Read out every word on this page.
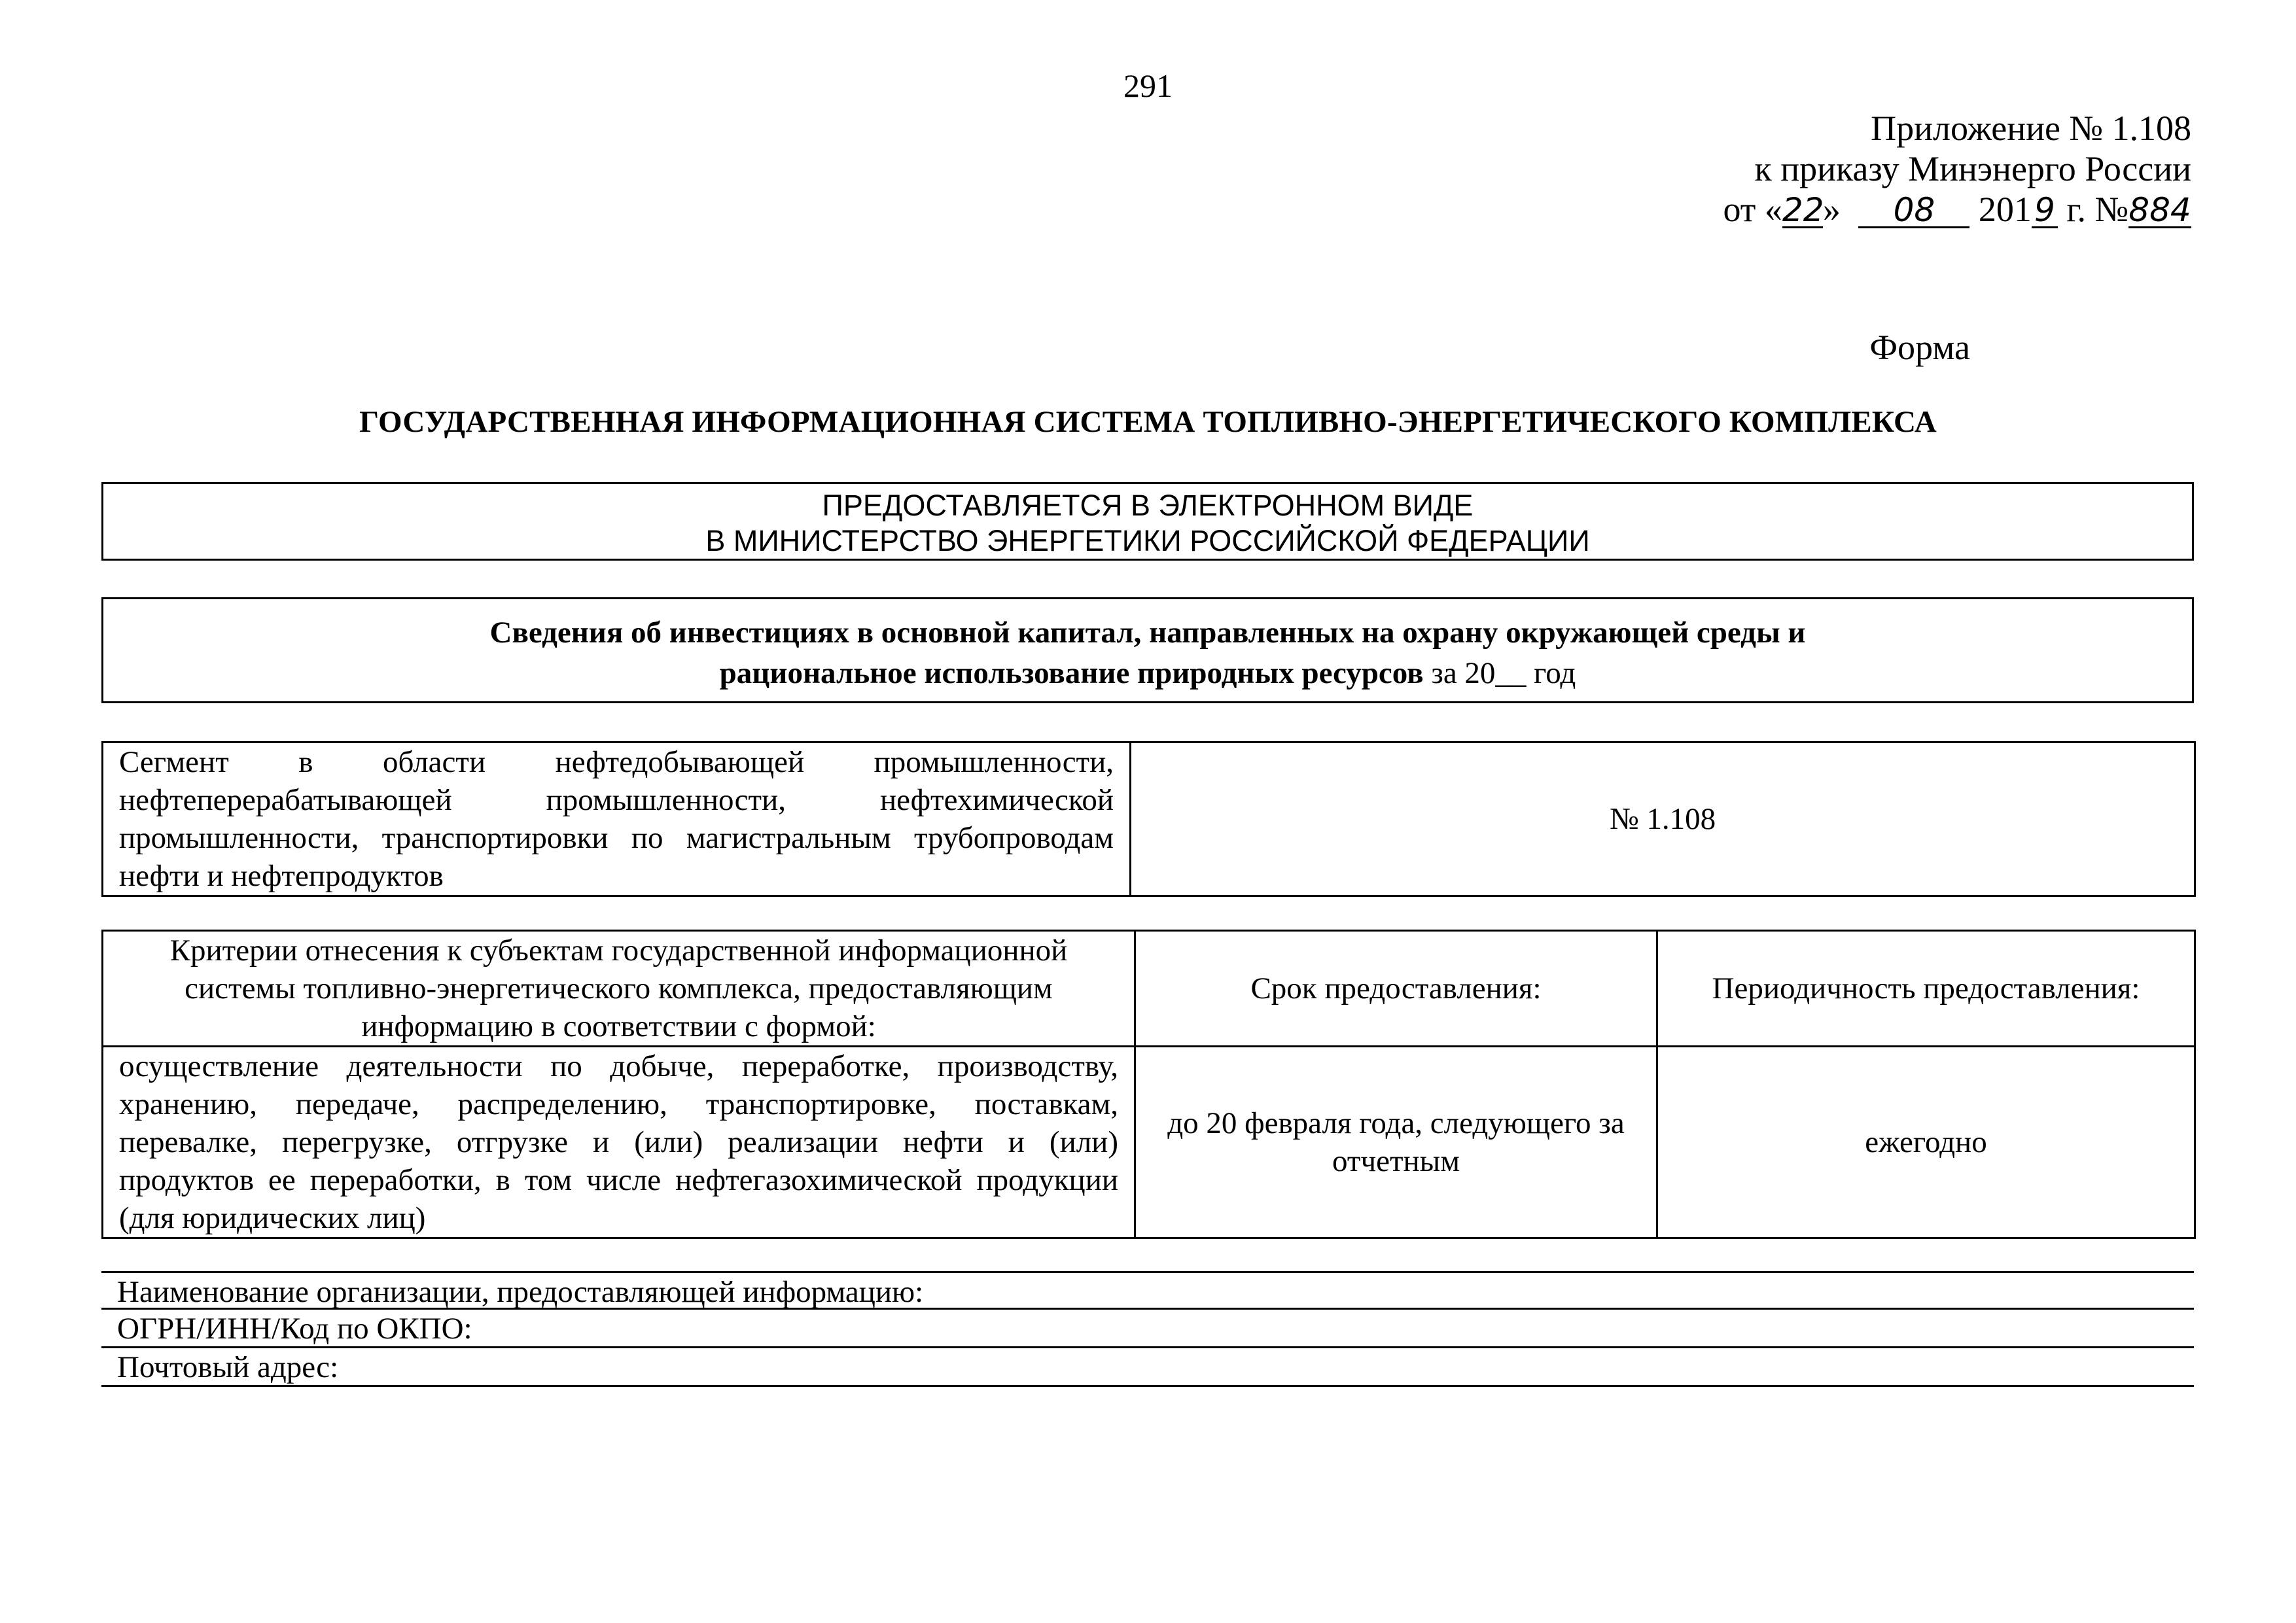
291
Приложение № 1.108
к приказу Минэнерго России
от «22» 08 2019 г. №884
Форма
ГОСУДАРСТВЕННАЯ ИНФОРМАЦИОННАЯ СИСТЕМА ТОПЛИВНО-ЭНЕРГЕТИЧЕСКОГО КОМПЛЕКСА
ПРЕДОСТАВЛЯЕТСЯ В ЭЛЕКТРОННОМ ВИДЕ
В МИНИСТЕРСТВО ЭНЕРГЕТИКИ РОССИЙСКОЙ ФЕДЕРАЦИИ
Сведения об инвестициях в основной капитал, направленных на охрану окружающей среды и
рациональное использование природных ресурсов за 20__ год
Сегмент в области нефтедобывающей промышленности, нефтеперерабатывающей промышленности, нефтехимической промышленности, транспортировки по магистральным трубопроводам нефти и нефтепродуктов	№ 1.108
Критерии отнесения к субъектам государственной информационной системы топливно-энергетического комплекса, предоставляющим информацию в соответствии с формой:	Срок предоставления:	Периодичность предоставления:
осуществление деятельности по добыче, переработке, производству, хранению, передаче, распределению, транспортировке, поставкам, перевалке, перегрузке, отгрузке и (или) реализации нефти и (или) продуктов ее переработки, в том числе нефтегазохимической продукции (для юридических лиц)	до 20 февраля года, следующего за отчетным	ежегодно
Наименование организации, предоставляющей информацию:
ОГРН/ИНН/Код по ОКПО:
Почтовый адрес:
